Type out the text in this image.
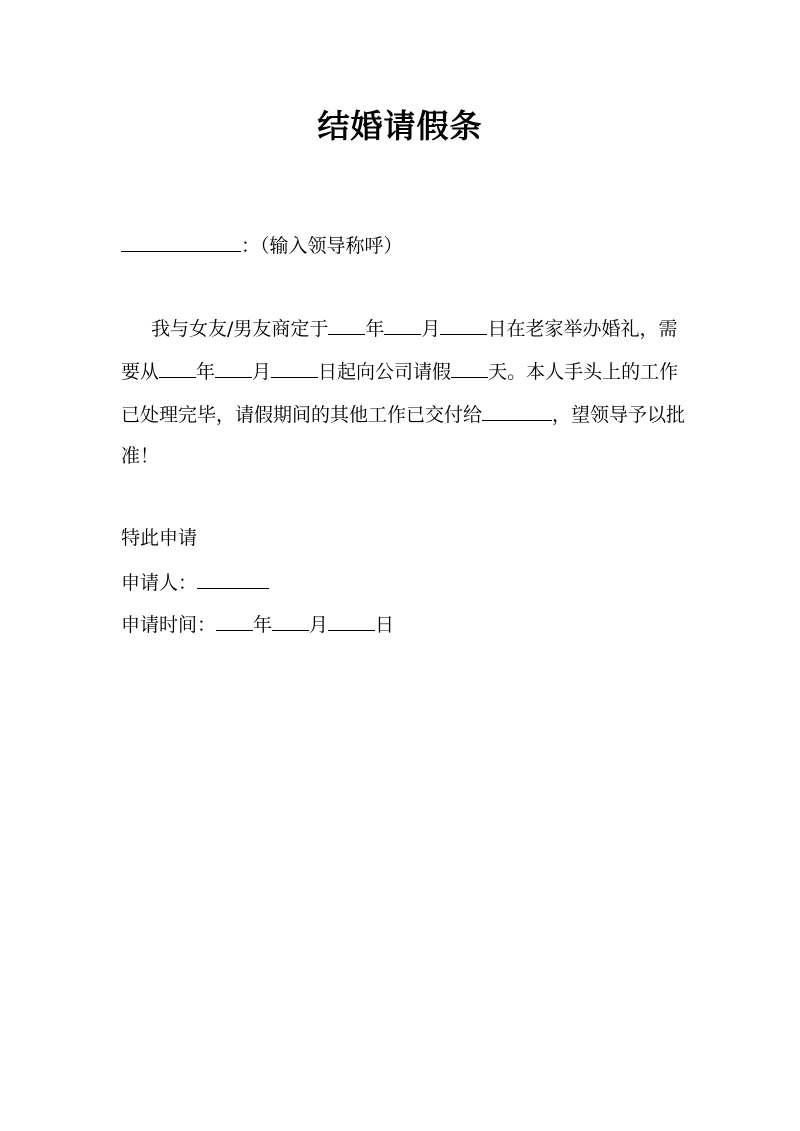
结婚请假条
：（输入领导称呼）
我与女友/男友商定于 年 月 日在老家举办婚礼，需
要从 年 月 日起向公司请假 天。本人手头上的工作
已处理完毕，请假期间的其他工作已交付给	，望领导予以批
准！
特此申请
申请人：
申请时间： 年 月 日
